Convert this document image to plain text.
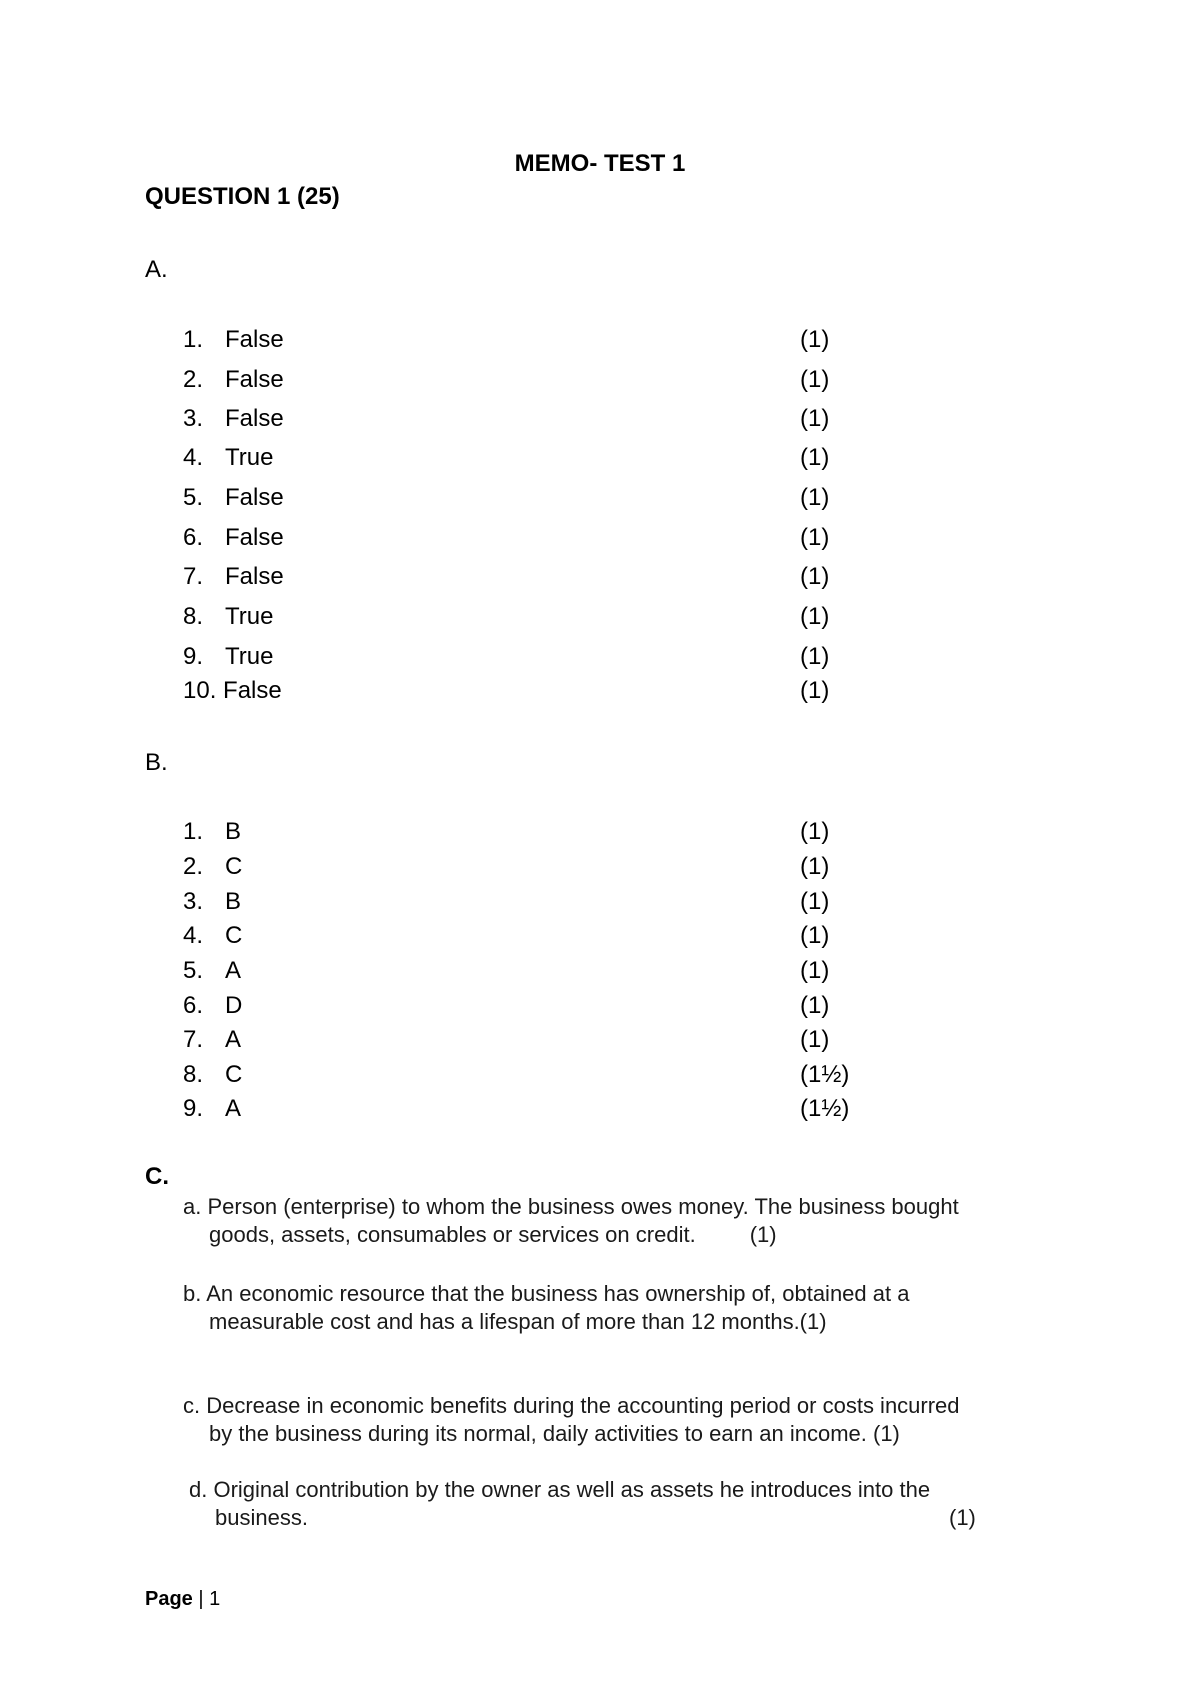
MEMO- TEST 1
QUESTION 1 (25)
A.
1. False	(1)
2. False	(1)
3. False	(1)
4. True	(1)
5. False	(1)
6. False	(1)
7. False	(1)
8. True	(1)
9. True	(1)
10. False	(1)
B.
1. B	(1)
2. C	(1)
3. B	(1)
4. C	(1)
5. A	(1)
6. D	(1)
7. A	(1)
8. C	(1½)
9. A	(1½)
C.
a. Person (enterprise) to whom the business owes money. The business bought
goods, assets, consumables or services on credit. (1)
b. An economic resource that the business has ownership of, obtained at a
measurable cost and has a lifespan of more than 12 months.(1)
c. Decrease in economic benefits during the accounting period or costs incurred
by the business during its normal, daily activities to earn an income. (1)
d. Original contribution by the owner as well as assets he introduces into the
business.	(1)
Page | 1
